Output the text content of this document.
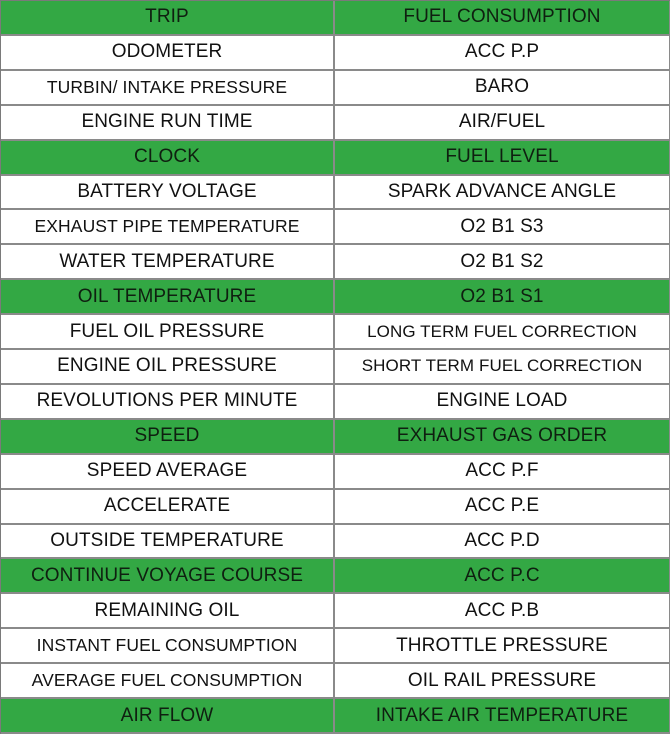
TRIP	FUEL CONSUMPTION
ODOMETER	ACC P.P
TURBIN/ INTAKE PRESSURE	BARO
ENGINE RUN TIME	AIR/FUEL
CLOCK	FUEL LEVEL
BATTERY VOLTAGE	SPARK ADVANCE ANGLE
EXHAUST PIPE TEMPERATURE	O2 B1 S3
WATER TEMPERATURE	O2 B1 S2
OIL TEMPERATURE	O2 B1 S1
FUEL OIL PRESSURE	LONG TERM FUEL CORRECTION
ENGINE OIL PRESSURE	SHORT TERM FUEL CORRECTION
REVOLUTIONS PER MINUTE	ENGINE LOAD
SPEED	EXHAUST GAS ORDER
SPEED AVERAGE	ACC P.F
ACCELERATE	ACC P.E
OUTSIDE TEMPERATURE	ACC P.D
CONTINUE VOYAGE COURSE	ACC P.C
REMAINING OIL	ACC P.B
INSTANT FUEL CONSUMPTION	THROTTLE PRESSURE
AVERAGE FUEL CONSUMPTION	OIL RAIL PRESSURE
AIR FLOW	INTAKE AIR TEMPERATURE
